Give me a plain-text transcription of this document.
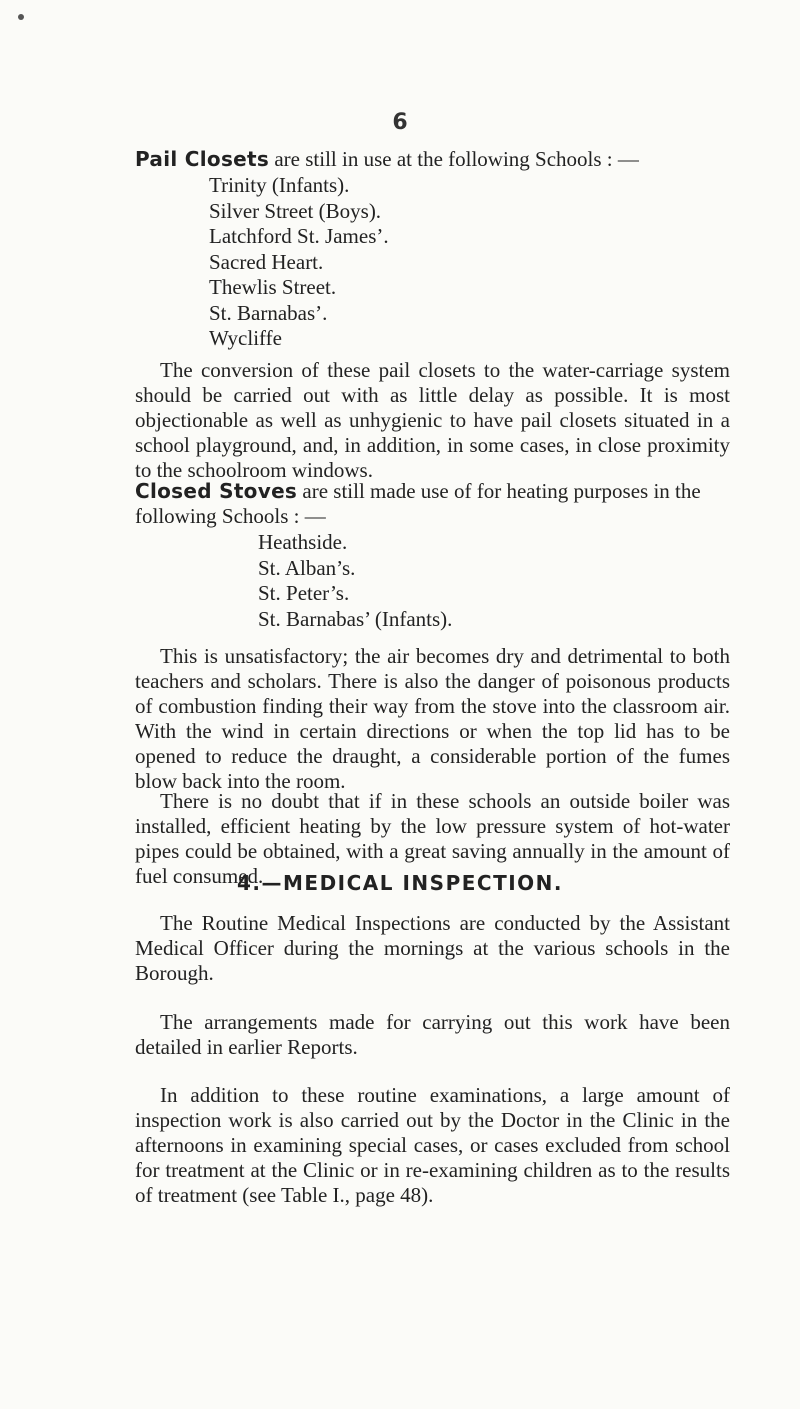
6
Pail Closets are still in use at the following Schools : —
Trinity (Infants).
Silver Street (Boys).
Latchford St. James’.
Sacred Heart.
Thewlis Street.
St. Barnabas’.
Wycliffe
The conversion of these pail closets to the water-carriage system should be carried out with as little delay as possible. It is most objectionable as well as unhygienic to have pail closets situated in a school playground, and, in addition, in some cases, in close proximity to the schoolroom windows.
Closed Stoves are still made use of for heating purposes in the following Schools : —
Heathside.
St. Alban’s.
St. Peter’s.
St. Barnabas’ (Infants).
This is unsatisfactory; the air becomes dry and detrimental to both teachers and scholars. There is also the danger of poisonous products of combustion finding their way from the stove into the classroom air. With the wind in certain directions or when the top lid has to be opened to reduce the draught, a considerable portion of the fumes blow back into the room.
There is no doubt that if in these schools an outside boiler was installed, efficient heating by the low pressure system of hot-water pipes could be obtained, with a great saving annually in the amount of fuel consumed.
4.—MEDICAL INSPECTION.
The Routine Medical Inspections are conducted by the Assistant Medical Officer during the mornings at the various schools in the Borough.
The arrangements made for carrying out this work have been detailed in earlier Reports.
In addition to these routine examinations, a large amount of inspection work is also carried out by the Doctor in the Clinic in the afternoons in examining special cases, or cases excluded from school for treatment at the Clinic or in re-examining children as to the results of treatment (see Table I., page 48).
